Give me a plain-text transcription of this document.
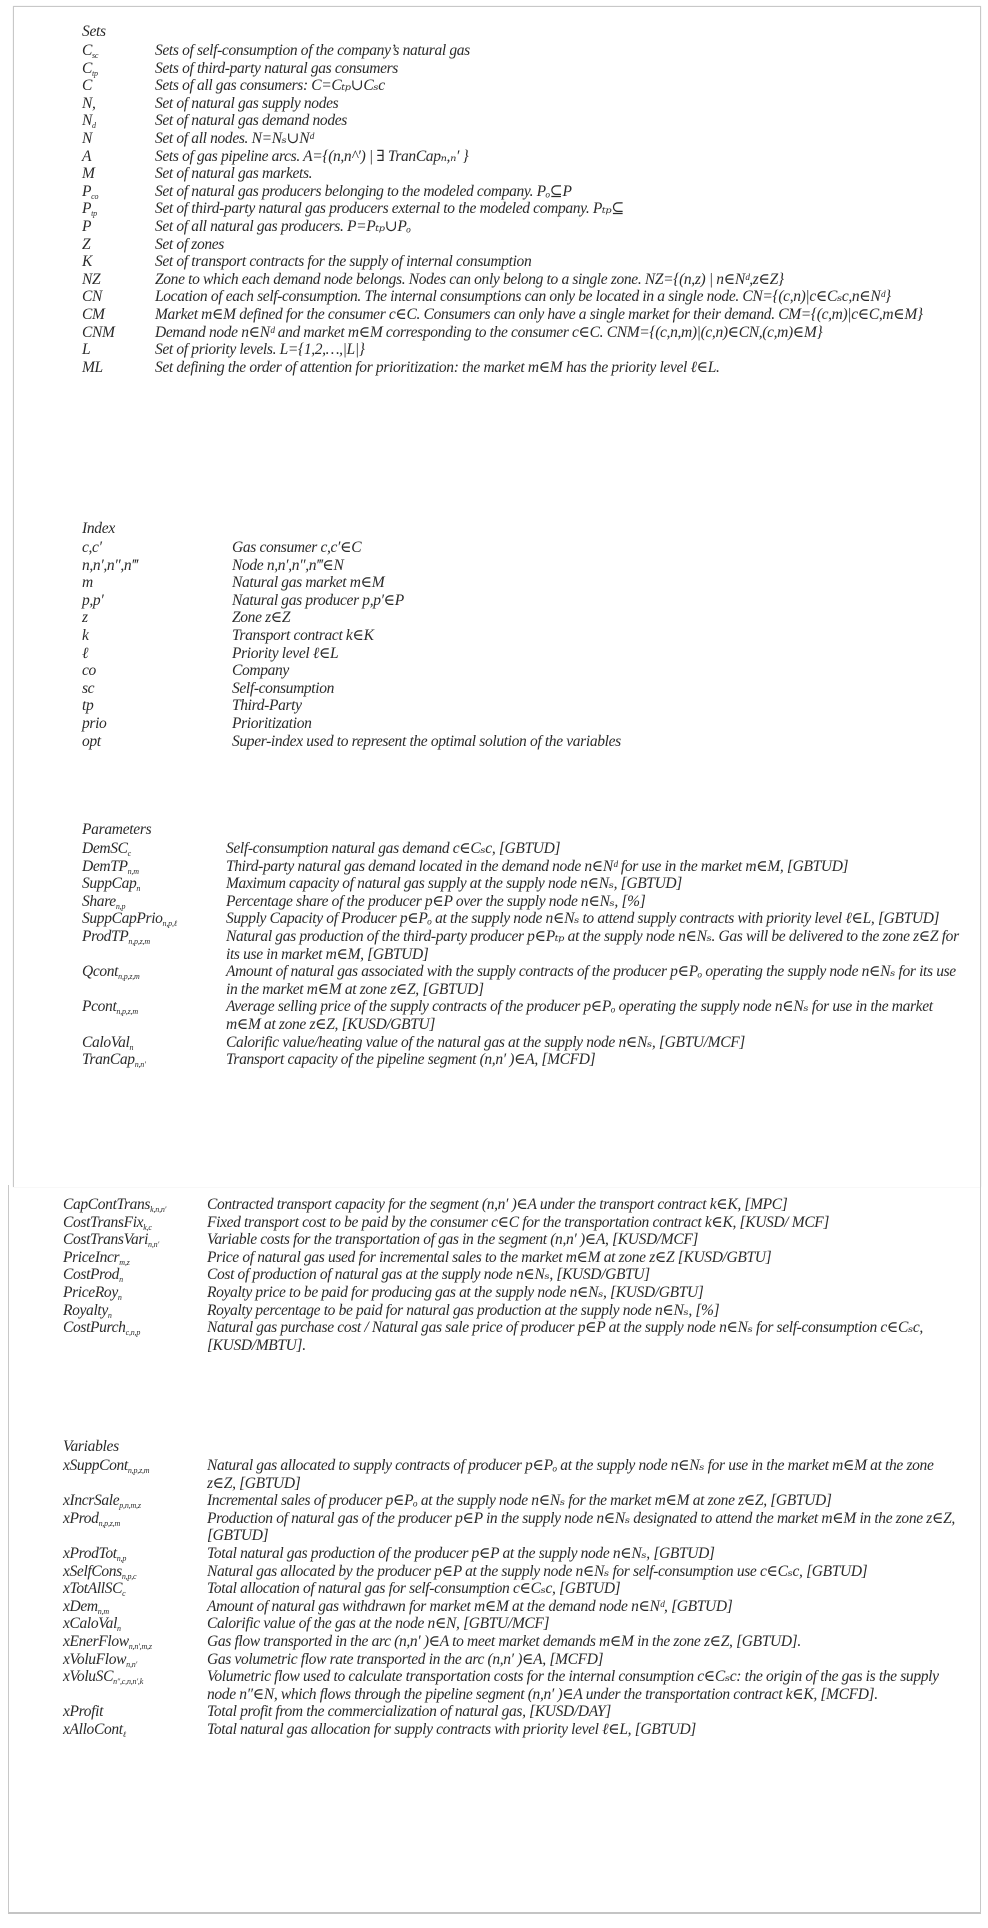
Sets
$C_{sc}$	Sets of self-consumption of the company’s natural gas
$C_{tp}$	Sets of third-party natural gas consumers
C	Sets of all gas consumers: C=Cₜₚ∪Cₛc
N,	Set of natural gas supply nodes
$N_d$	Set of natural gas demand nodes
N	Set of all nodes. N=Nₛ∪Nᵈ
A	Sets of gas pipeline arcs. A={(n,n^′) | ∃ TranCapₙ,ₙ′ }
M	Set of natural gas markets.
$P_{co}$	Set of natural gas producers belonging to the modeled company. Pₒ⊆P
$P_{tp}$	Set of third-party natural gas producers external to the modeled company. Pₜₚ⊆
P	Set of all natural gas producers. P=Pₜₚ∪Pₒ
Z	Set of zones
K	Set of transport contracts for the supply of internal consumption
NZ	Zone to which each demand node belongs. Nodes can only belong to a single zone. NZ={(n,z) | n∈Nᵈ,z∈Z}
CN	Location of each self-consumption. The internal consumptions can only be located in a single node. CN={(c,n)|c∈Cₛc,n∈Nᵈ}
CM	Market m∈M defined for the consumer c∈C. Consumers can only have a single market for their demand. CM={(c,m)|c∈C,m∈M}
CNM	Demand node n∈Nᵈ and market m∈M corresponding to the consumer c∈C. CNM={(c,n,m)|(c,n)∈CN,(c,m)∈M}
L	Set of priority levels. L={1,2,…,|L|}
ML	Set defining the order of attention for prioritization: the market m∈M has the priority level ℓ∈L.
Index
c,c′	Gas consumer c,c′∈C
n,n′,n″,n‴	Node n,n′,n″,n‴∈N
m	Natural gas market m∈M
p,p′	Natural gas producer p,p′∈P
z	Zone z∈Z
k	Transport contract k∈K
ℓ	Priority level ℓ∈L
co	Company
sc	Self-consumption
tp	Third-Party
prio	Prioritization
opt	Super-index used to represent the optimal solution of the variables
Parameters
DemSC$_c$	Self-consumption natural gas demand c∈Cₛc, [GBTUD]
DemTP$_{n,m}$	Third-party natural gas demand located in the demand node n∈Nᵈ for use in the market m∈M, [GBTUD]
SuppCap$_n$	Maximum capacity of natural gas supply at the supply node n∈Nₛ, [GBTUD]
Share$_{n,p}$	Percentage share of the producer p∈P over the supply node n∈Nₛ, [%]
SuppCapPrio$_{n,p,\ell}$	Supply Capacity of Producer p∈Pₒ at the supply node n∈Nₛ to attend supply contracts with priority level ℓ∈L, [GBTUD]
ProdTP$_{n,p,z,m}$	Natural gas production of the third-party producer p∈Pₜₚ at the supply node n∈Nₛ. Gas will be delivered to the zone z∈Z for its use in market m∈M, [GBTUD]
Qcont$_{n,p,z,m}$	Amount of natural gas associated with the supply contracts of the producer p∈Pₒ operating the supply node n∈Nₛ for its use in the market m∈M at zone z∈Z, [GBTUD]
Pcont$_{n,p,z,m}$	Average selling price of the supply contracts of the producer p∈Pₒ operating the supply node n∈Nₛ for use in the market m∈M at zone z∈Z, [KUSD/GBTU]
CaloVal$_n$	Calorific value/heating value of the natural gas at the supply node n∈Nₛ, [GBTU/MCF]
TranCap$_{n,n'}$	Transport capacity of the pipeline segment (n,n′ )∈A, [MCFD]
CapContTrans$_{k,n,n'}$	Contracted transport capacity for the segment (n,n′ )∈A under the transport contract k∈K, [MPC]
CostTransFix$_{k,c}$	Fixed transport cost to be paid by the consumer c∈C for the transportation contract k∈K, [KUSD/ MCF]
CostTransVari$_{n,n'}$	Variable costs for the transportation of gas in the segment (n,n′ )∈A, [KUSD/MCF]
PriceIncr$_{m,z}$	Price of natural gas used for incremental sales to the market m∈M at zone z∈Z [KUSD/GBTU]
CostProd$_n$	Cost of production of natural gas at the supply node n∈Nₛ, [KUSD/GBTU]
PriceRoy$_n$	Royalty price to be paid for producing gas at the supply node n∈Nₛ, [KUSD/GBTU]
Royalty$_n$	Royalty percentage to be paid for natural gas production at the supply node n∈Nₛ, [%]
CostPurch$_{c,n,p}$	Natural gas purchase cost / Natural gas sale price of producer p∈P at the supply node n∈Nₛ for self-consumption c∈Cₛc, [KUSD/MBTU].
Variables
xSuppCont$_{n,p,z,m}$	Natural gas allocated to supply contracts of producer p∈Pₒ at the supply node n∈Nₛ for use in the market m∈M at the zone z∈Z, [GBTUD]
xIncrSale$_{p,n,m,z}$	Incremental sales of producer p∈Pₒ at the supply node n∈Nₛ for the market m∈M at zone z∈Z, [GBTUD]
xProd$_{n,p,z,m}$	Production of natural gas of the producer p∈P in the supply node n∈Nₛ designated to attend the market m∈M in the zone z∈Z, [GBTUD]
xProdTot$_{n,p}$	Total natural gas production of the producer p∈P at the supply node n∈Nₛ, [GBTUD]
xSelfCons$_{n,p,c}$	Natural gas allocated by the producer p∈P at the supply node n∈Nₛ for self-consumption use c∈Cₛc, [GBTUD]
xTotAllSC$_c$	Total allocation of natural gas for self-consumption c∈Cₛc, [GBTUD]
xDem$_{n,m}$	Amount of natural gas withdrawn for market m∈M at the demand node n∈Nᵈ, [GBTUD]
xCaloVal$_n$	Calorific value of the gas at the node n∈N, [GBTU/MCF]
xEnerFlow$_{n,n',m,z}$	Gas flow transported in the arc (n,n′ )∈A to meet market demands m∈M in the zone z∈Z, [GBTUD].
xVoluFlow$_{n,n'}$	Gas volumetric flow rate transported in the arc (n,n′ )∈A, [MCFD]
xVoluSC$_{n'',c,n,n',k}$	Volumetric flow used to calculate transportation costs for the internal consumption c∈Cₛc: the origin of the gas is the supply node n″∈N, which flows through the pipeline segment (n,n′ )∈A under the transportation contract k∈K, [MCFD].
xProfit	Total profit from the commercialization of natural gas, [KUSD/DAY]
xAlloCont$_\ell$	Total natural gas allocation for supply contracts with priority level ℓ∈L, [GBTUD]
